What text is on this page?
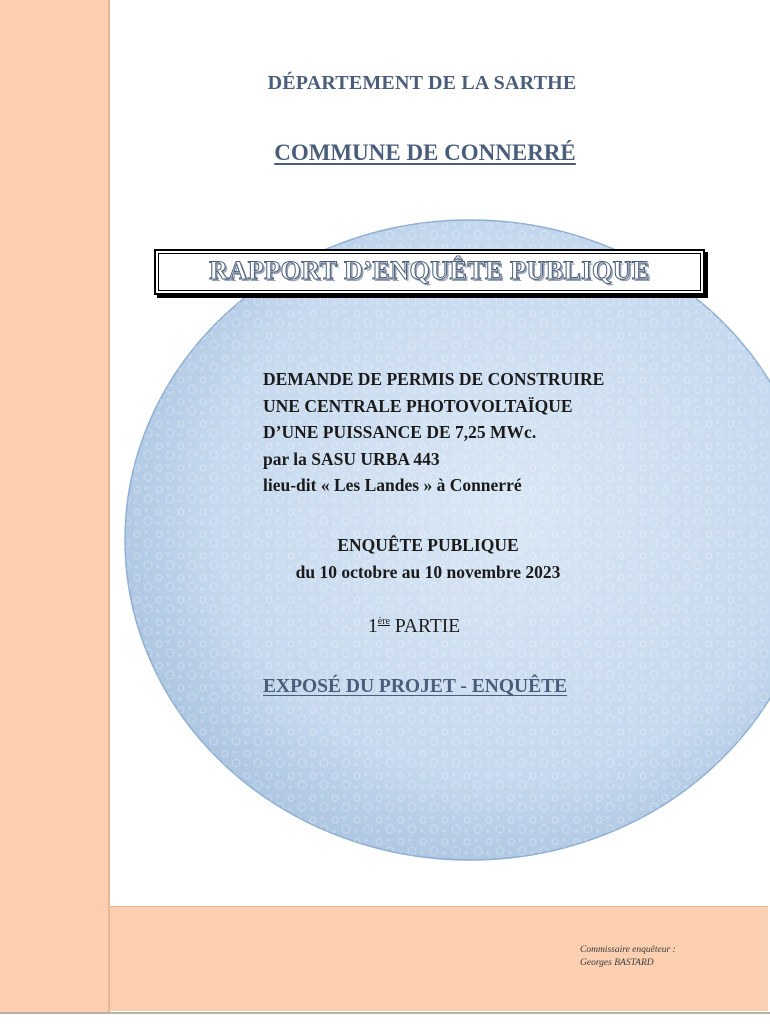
DÉPARTEMENT DE LA SARTHE
COMMUNE DE CONNERRÉ
RAPPORT D’ENQUÊTE PUBLIQUE
DEMANDE DE PERMIS DE CONSTRUIRE
UNE CENTRALE PHOTOVOLTAÏQUE
D’UNE PUISSANCE DE 7,25 MWc.
par la SASU URBA 443
lieu-dit « Les Landes » à Connerré
ENQUÊTE PUBLIQUE
du 10 octobre au 10 novembre 2023
1ère PARTIE
EXPOSÉ DU PROJET - ENQUÊTE
Commissaire enquêteur :
Georges BASTARD
